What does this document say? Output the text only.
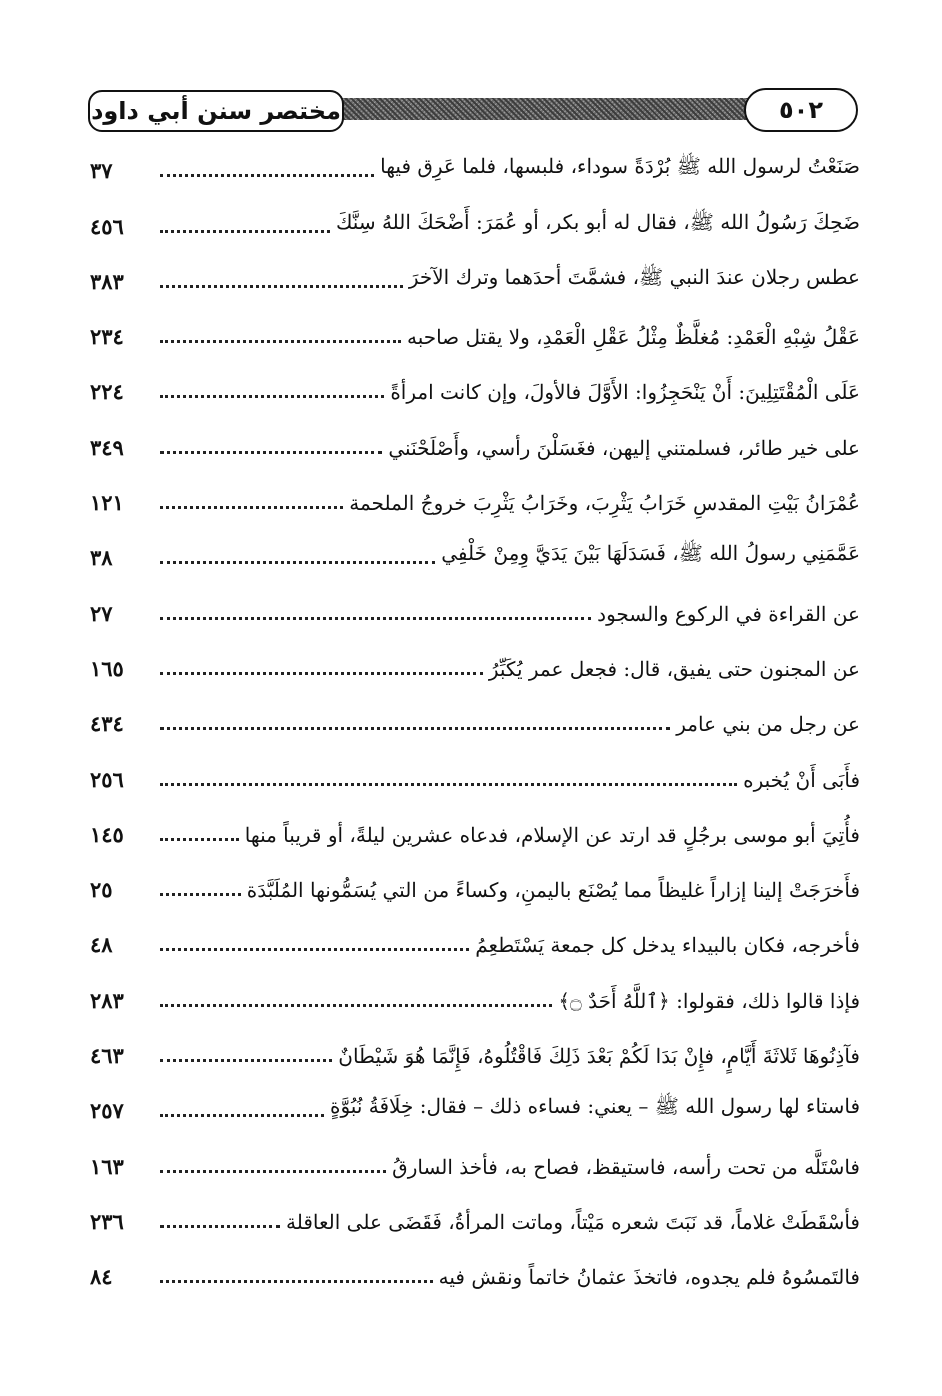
مختصر سنن أبي داود	٥٠٢
صَنَعْتُ لرسول الله ﷺ بُرْدَةً سوداء، فلبسها، فلما عَرِق فيها
٣٧
ضَحِكَ رَسُولُ الله ﷺ، فقال له أبو بكر، أو عُمَرَ: أَضْحَكَ اللهُ سِنَّكَ
٤٥٦
عطس رجلان عندَ النبي ﷺ، فشمَّتَ أحدَهما وترك الآخرَ
٣٨٣
عَقْلُ شِبْهِ الْعَمْدِ: مُغلَّظٌ مِثْلُ عَقْلِ الْعَمْدِ، ولا يقتل صاحبه
٢٣٤
عَلَى الْمُقْتَتِلِينَ: أَنْ يَنْحَجِزُوا: الأَوَّلَ فالأولَ، وإن كانت امرأةً
٢٢٤
على خير طائر، فسلمتني إليهن، فغَسَلْنَ رأسي، وأَصْلَحْنَني
٣٤٩
عُمْرَانُ بَيْتِ المقدسِ خَرَابُ يَثْرِبَ، وخَرَابُ يَثْرِبَ خروجُ الملحمة
١٢١
عَمَّمَنِي رسولُ الله ﷺ، فَسَدَلَهَا بَيْنَ يَدَيَّ وِمِنْ خَلْفِي
٣٨
عن القراءة في الركوع والسجود
٢٧
عن المجنون حتى يفيق، قال: فجعل عمر يُكَبِّرُ
١٦٥
عن رجل من بني عامر
٤٣٤
فأَبَى أَنْ يُخبره
٢٥٦
فأُتِيَ أبو موسى برجُلٍ قد ارتد عن الإسلام، فدعاه عشرين ليلةً، أو قريباً منها
١٤٥
فأَخرَجَتْ إلينا إزاراً غليظاً مما يُصْنَع باليمنِ، وكساءً من التي يُسَمُّونها المُلَبَّدَة
٢٥
فأخرجه، فكان بالبيداء يدخل كل جمعة يَسْتَطعِمُ
٤٨
فإذا قالوا ذلك، فقولوا: ﴿ٱللَّهُ أَحَدٌ ۝﴾
٢٨٣
فآذِنُوهَا ثَلاثَةَ أَيَّامٍ، فإِنْ بَدَا لَكُمْ بَعْدَ ذَلِكَ فَاقْتُلُوهُ، فَإِنَّمَا هُوَ شَيْطَانٌ
٤٦٣
فاستاء لها رسول الله ﷺ – يعني: فساءه ذلك – فقال: خِلَافَةُ نُبُوَّةٍ
٢٥٧
فاسْتَلَّه من تحت رأسه، فاستيقظ، فصاح به، فأخذ السارقُ
١٦٣
فأسْقَطَتْ غلاماً، قد نَبَتَ شعره مَيْتاً، وماتت المرأةُ، فَقَضَى على العاقلة
٢٣٦
فالتَمسُوهُ فلم يجدوه، فاتخذَ عثمانُ خاتماً ونقش فيه
٨٤
